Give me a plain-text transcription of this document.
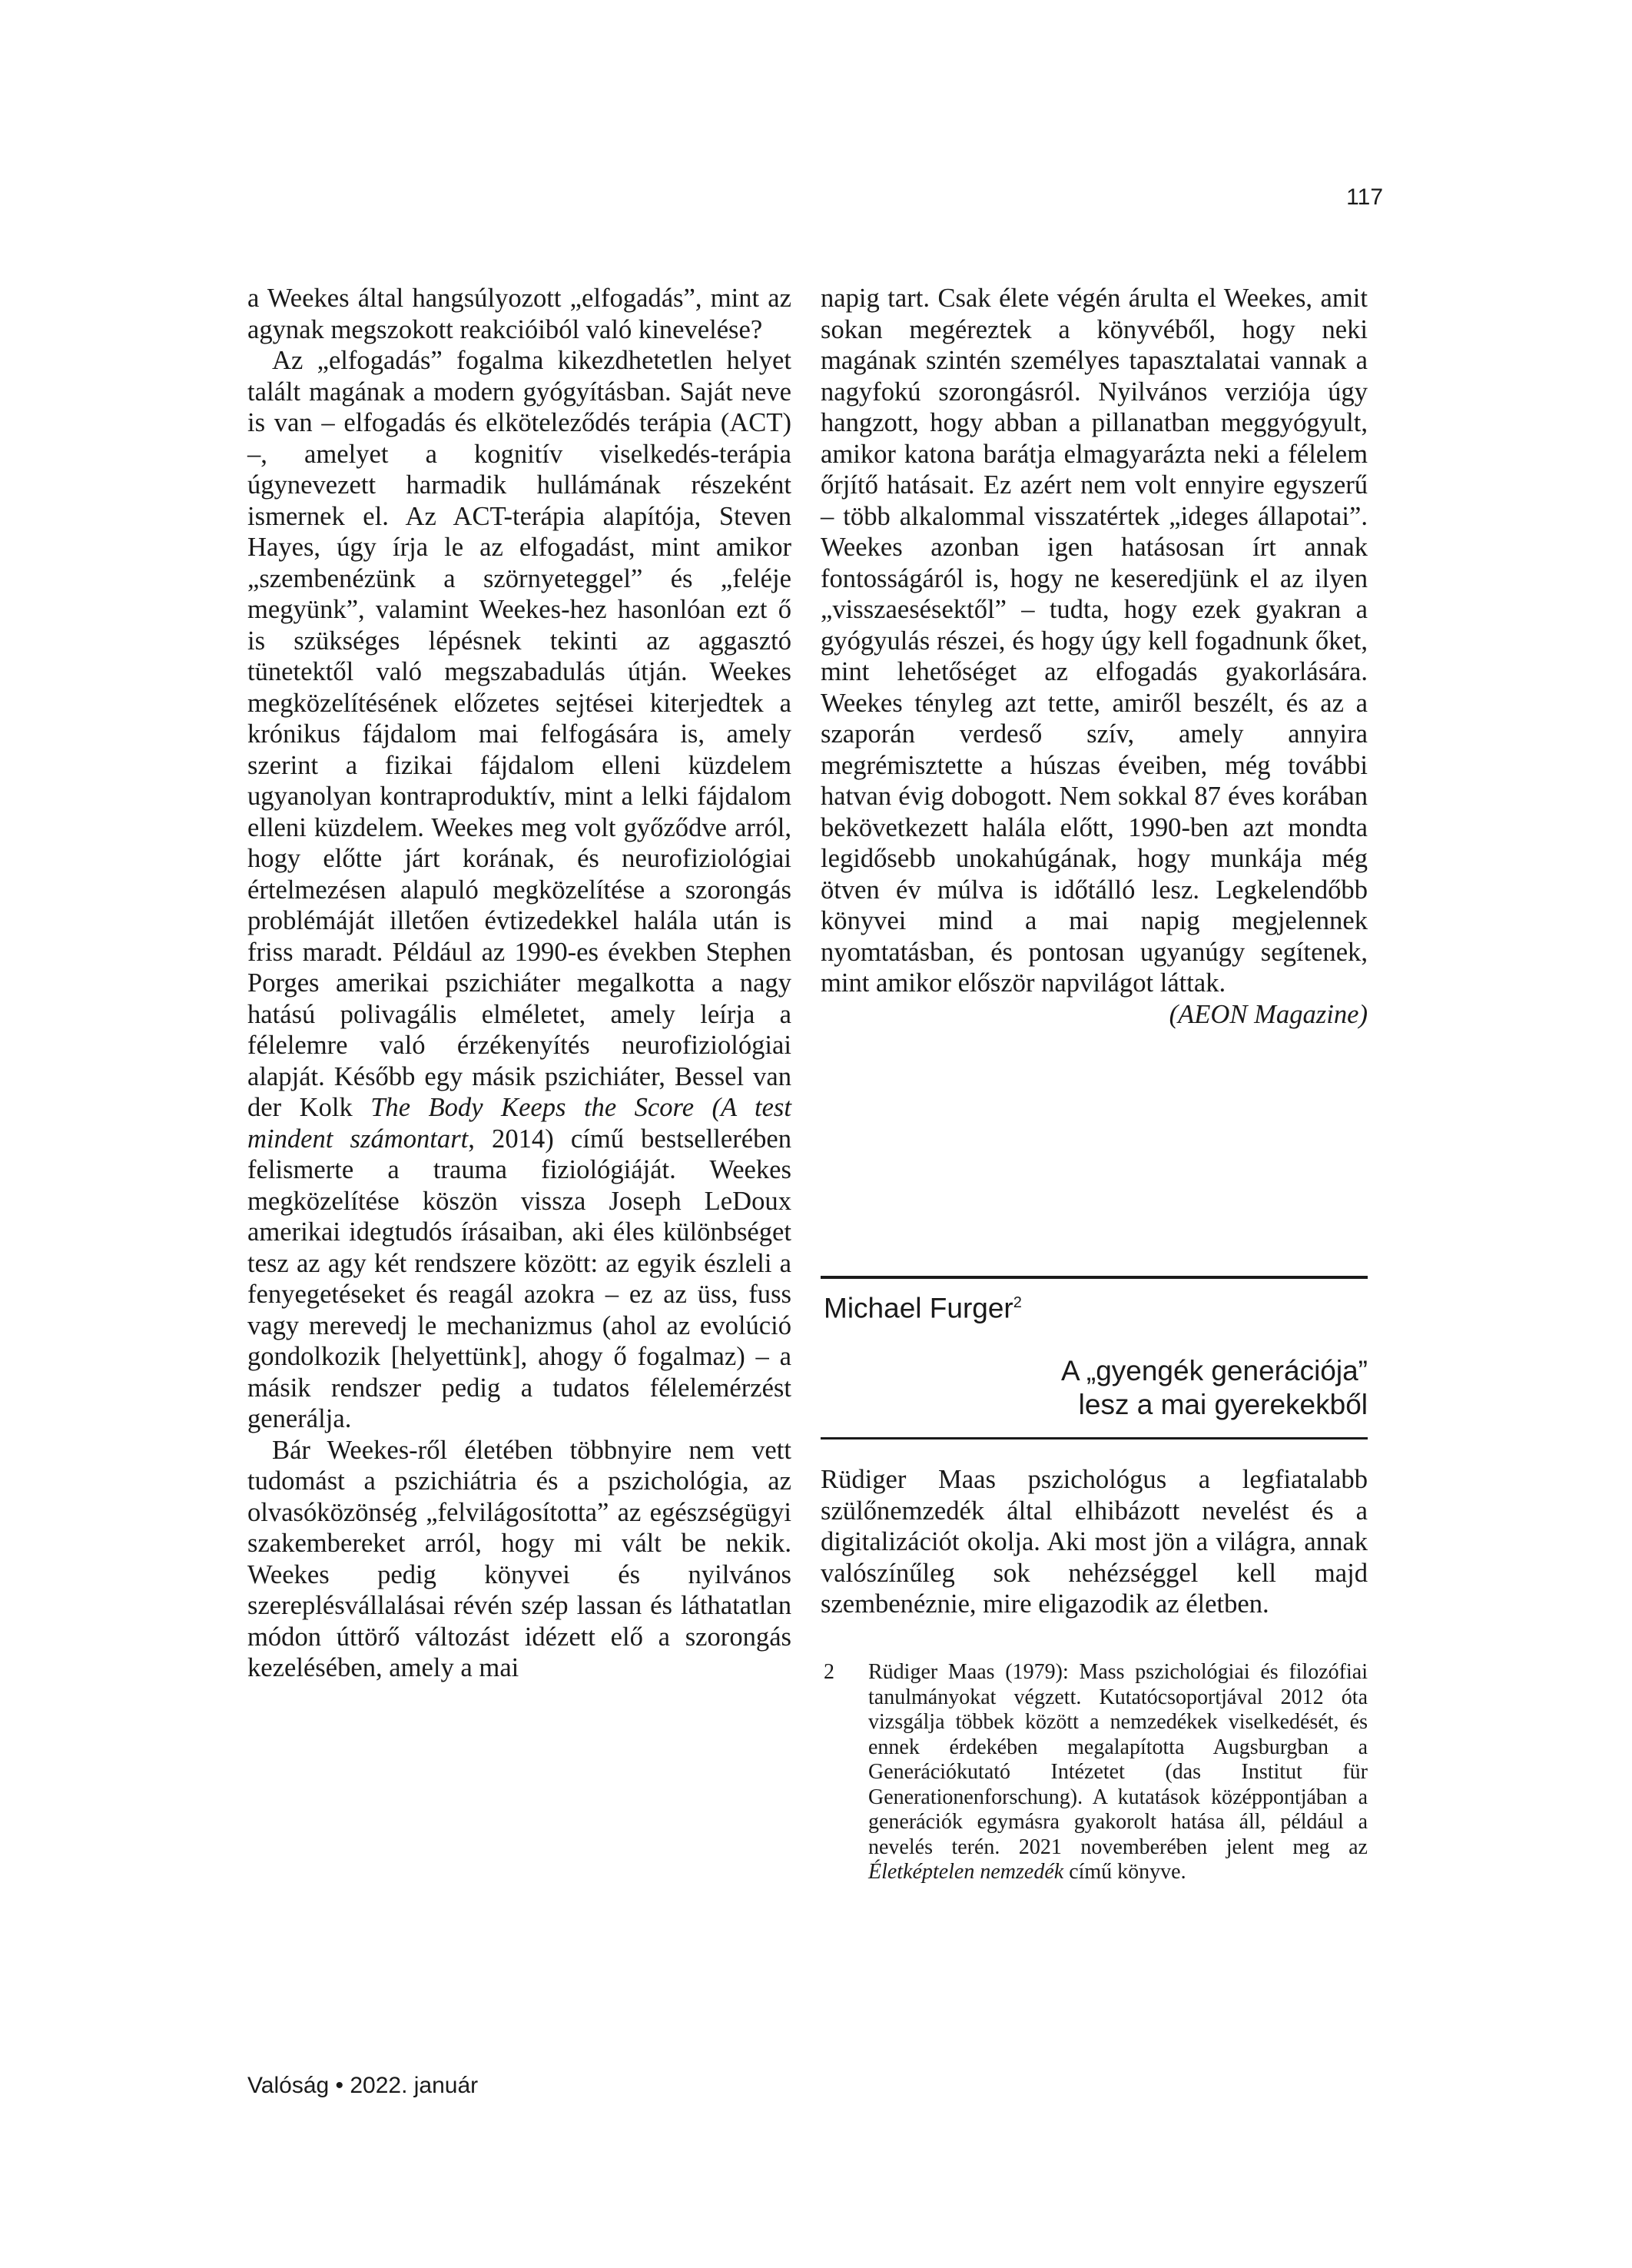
117

a Weekes által hangsúlyozott „elfogadás”, mint az agynak megszokott reakcióiból való kinevelése?

Az „elfogadás” fogalma kikezdhetetlen helyet talált magának a modern gyógyításban. Saját neve is van – elfogadás és elköteleződés terápia (ACT) –, amelyet a kognitív viselkedés-terápia úgynevezett harmadik hullámának részeként ismernek el. Az ACT-terápia alapítója, Steven Hayes, úgy írja le az elfogadást, mint amikor „szembenézünk a szörnyeteggel” és „feléje megyünk”, valamint Weekes-hez hasonlóan ezt ő is szükséges lépésnek tekinti az aggasztó tünetektől való megszabadulás útján. Weekes megközelítésének előzetes sejtései kiterjedtek a krónikus fájdalom mai felfogására is, amely szerint a fizikai fájdalom elleni küzdelem ugyanolyan kontraproduktív, mint a lelki fájdalom elleni küzdelem. Weekes meg volt győződve arról, hogy előtte járt korának, és neurofiziológiai értelmezésen alapuló megközelítése a szorongás problémáját illetően évtizedekkel halála után is friss maradt. Például az 1990-es években Stephen Porges amerikai pszichiáter megalkotta a nagy hatású polivagális elméletet, amely leírja a félelemre való érzékenyítés neurofiziológiai alapját. Később egy másik pszichiáter, Bessel van der Kolk The Body Keeps the Score (A test mindent számontart, 2014) című bestsellerében felismerte a trauma fiziológiáját. Weekes megközelítése köszön vissza Joseph LeDoux amerikai idegtudós írásaiban, aki éles különbséget tesz az agy két rendszere között: az egyik észleli a fenyegetéseket és reagál azokra – ez az üss, fuss vagy merevedj le mechanizmus (ahol az evolúció gondolkozik [helyettünk], ahogy ő fogalmaz) – a másik rendszer pedig a tudatos félelemérzést generálja.

Bár Weekes-ről életében többnyire nem vett tudomást a pszichiátria és a pszichológia, az olvasóközönség „felvilágosította” az egészségügyi szakembereket arról, hogy mi vált be nekik. Weekes pedig könyvei és nyilvános szereplésvállalásai révén szép lassan és láthatatlan módon úttörő változást idézett elő a szorongás kezelésében, amely a mai

napig tart. Csak élete végén árulta el Weekes, amit sokan megéreztek a könyvéből, hogy neki magának szintén személyes tapasztalatai vannak a nagyfokú szorongásról. Nyilvános verziója úgy hangzott, hogy abban a pillanatban meggyógyult, amikor katona barátja elmagyarázta neki a félelem őrjítő hatásait. Ez azért nem volt ennyire egyszerű – több alkalommal visszatértek „ideges állapotai”. Weekes azonban igen hatásosan írt annak fontosságáról is, hogy ne keseredjünk el az ilyen „visszaesésektől” – tudta, hogy ezek gyakran a gyógyulás részei, és hogy úgy kell fogadnunk őket, mint lehetőséget az elfogadás gyakorlására. Weekes tényleg azt tette, amiről beszélt, és az a szaporán verdeső szív, amely annyira megrémisztette a húszas éveiben, még további hatvan évig dobogott. Nem sokkal 87 éves korában bekövetkezett halála előtt, 1990-ben azt mondta legidősebb unokahúgának, hogy munkája még ötven év múlva is időtálló lesz. Legkelendőbb könyvei mind a mai napig megjelennek nyomtatásban, és pontosan ugyanúgy segítenek, mint amikor először napvilágot láttak.

(AEON Magazine)

Michael Furger$^2$
A „gyengék generációja”
lesz a mai gyerekekből

Rüdiger Maas pszichológus a legfiatalabb szülőnemzedék által elhibázott nevelést és a digitalizációt okolja. Aki most jön a világra, annak valószínűleg sok nehézséggel kell majd szembenéznie, mire eligazodik az életben.

2 Rüdiger Maas (1979): Mass pszichológiai és filozófiai tanulmányokat végzett. Kutatócsoportjával 2012 óta vizsgálja többek között a nemzedékek viselkedését, és ennek érdekében megalapította Augsburgban a Generációkutató Intézetet (das Institut für Generationenforschung). A kutatások középpontjában a generációk egymásra gyakorolt hatása áll, például a nevelés terén. 2021 novemberében jelent meg az Életképtelen nemzedék című könyve.
Valóság • 2022. január
